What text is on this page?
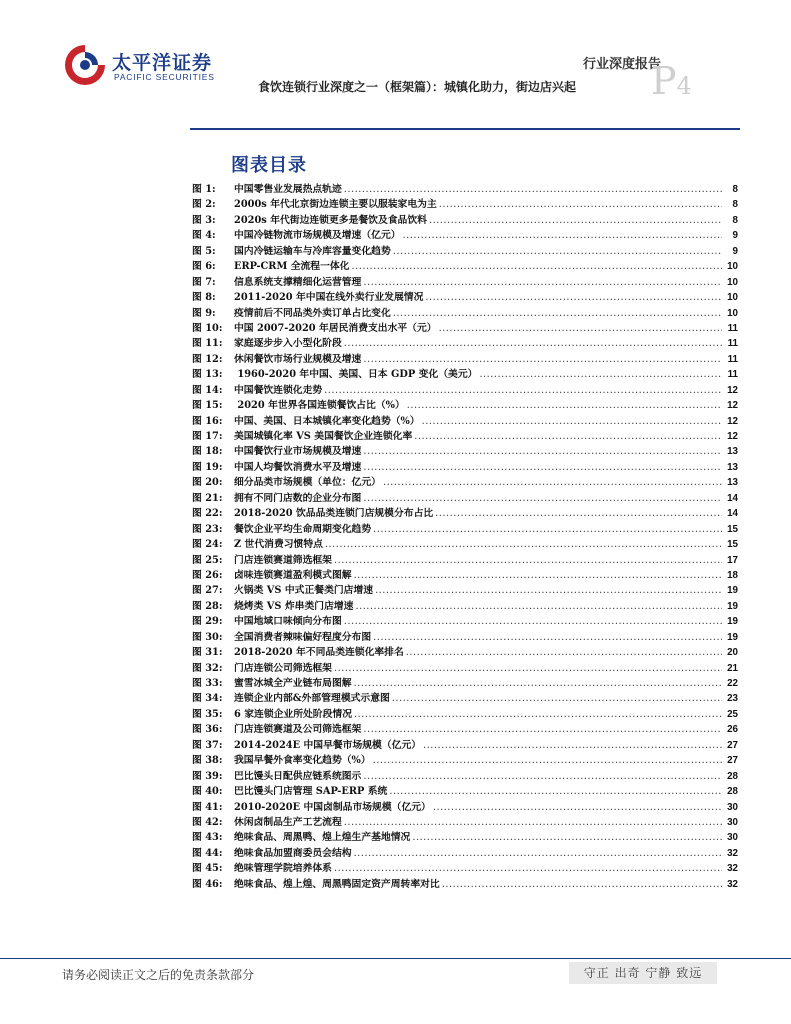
太平洋证券
PACIFIC SECURITIES
行业深度报告
食饮连锁行业深度之一（框架篇）：城镇化助力，街边店兴起 P4
图表目录
图 1: 中国零售业发展热点轨迹 .....	8
图 2: 2000s 年代北京街边连锁主要以服装家电为主 .....	8
图 3: 2020s 年代街边连锁更多是餐饮及食品饮料 .....	8
图 4: 中国冷链物流市场规模及增速（亿元） .....	9
图 5: 国内冷链运输车与冷库容量变化趋势 .....	9
图 6: ERP-CRM 全流程一体化 .....	10
图 7: 信息系统支撑精细化运营管理 .....	10
图 8: 2011-2020 年中国在线外卖行业发展情况 .....	10
图 9: 疫情前后不同品类外卖订单占比变化 .....	10
图 10: 中国 2007-2020 年居民消费支出水平（元） .....	11
图 11: 家庭逐步步入小型化阶段 .....	11
图 12: 休闲餐饮市场行业规模及增速 .....	11
图 13: 1960-2020 年中国、美国、日本 GDP 变化（美元） .....	11
图 14: 中国餐饮连锁化走势 .....	12
图 15: 2020 年世界各国连锁餐饮占比（%） .....	12
图 16: 中国、美国、日本城镇化率变化趋势（%） .....	12
图 17: 美国城镇化率 VS 美国餐饮企业连锁化率 .....	12
图 18: 中国餐饮行业市场规模及增速 .....	13
图 19: 中国人均餐饮消费水平及增速 .....	13
图 20: 细分品类市场规模（单位：亿元） .....	13
图 21: 拥有不同门店数的企业分布图 .....	14
图 22: 2018-2020 饮品品类连锁门店规模分布占比 .....	14
图 23: 餐饮企业平均生命周期变化趋势 .....	15
图 24: Z 世代消费习惯特点 .....	15
图 25: 门店连锁赛道筛选框架 .....	17
图 26: 卤味连锁赛道盈利模式图解 .....	18
图 27: 火锅类 VS 中式正餐类门店增速 .....	19
图 28: 烧烤类 VS 炸串类门店增速 .....	19
图 29: 中国地域口味倾向分布图 .....	19
图 30: 全国消费者辣味偏好程度分布图 .....	19
图 31: 2018-2020 年不同品类连锁化率排名 .....	20
图 32: 门店连锁公司筛选框架 .....	21
图 33: 蜜雪冰城全产业链布局图解 .....	22
图 34: 连锁企业内部&外部管理模式示意图 .....	23
图 35: 6 家连锁企业所处阶段情况 .....	25
图 36: 门店连锁赛道及公司筛选框架 .....	26
图 37: 2014-2024E 中国早餐市场规模（亿元） .....	27
图 38: 我国早餐外食率变化趋势（%） .....	27
图 39: 巴比馒头日配供应链系统图示 .....	28
图 40: 巴比馒头门店管理 SAP-ERP 系统 .....	28
图 41: 2010-2020E 中国卤制品市场规模（亿元） .....	30
图 42: 休闲卤制品生产工艺流程 .....	30
图 43: 绝味食品、周黑鸭、煌上煌生产基地情况 .....	30
图 44: 绝味食品加盟商委员会结构 .....	32
图 45: 绝味管理学院培养体系 .....	32
图 46: 绝味食品、煌上煌、周黑鸭固定资产周转率对比 .....	32
请务必阅读正文之后的免责条款部分	守正 出奇 宁静 致远
